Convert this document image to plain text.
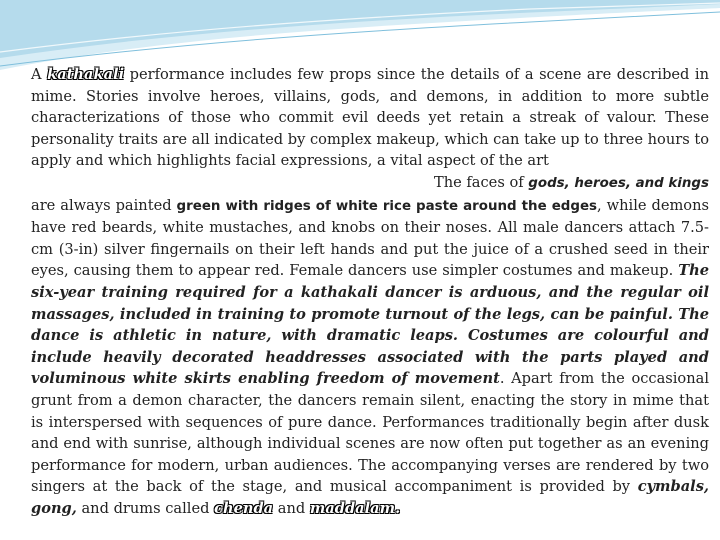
A kathakali performance includes few props since the details of a scene are described in mime. Stories involve heroes, villains, gods, and demons, in addition to more subtle characterizations of those who commit evil deeds yet retain a streak of valour. These personality traits are all indicated by complex makeup, which can take up to three hours to apply and which highlights facial expressions, a vital aspect of the art

The faces of gods, heroes, and kings

are always painted green with ridges of white rice paste around the edges, while demons have red beards, white mustaches, and knobs on their noses. All male dancers attach 7.5-cm (3-in) silver fingernails on their left hands and put the juice of a crushed seed in their eyes, causing them to appear red. Female dancers use simpler costumes and makeup. The six-year training required for a kathakali dancer is arduous, and the regular oil massages, included in training to promote turnout of the legs, can be painful. The dance is athletic in nature, with dramatic leaps. Costumes are colourful and include heavily decorated headdresses associated with the parts played and voluminous white skirts enabling freedom of movement. Apart from the occasional grunt from a demon character, the dancers remain silent, enacting the story in mime that is interspersed with sequences of pure dance. Performances traditionally begin after dusk and end with sunrise, although individual scenes are now often put together as an evening performance for modern, urban audiences. The accompanying verses are rendered by two singers at the back of the stage, and musical accompaniment is provided by cymbals, gong, and drums called chenda and maddalam.
